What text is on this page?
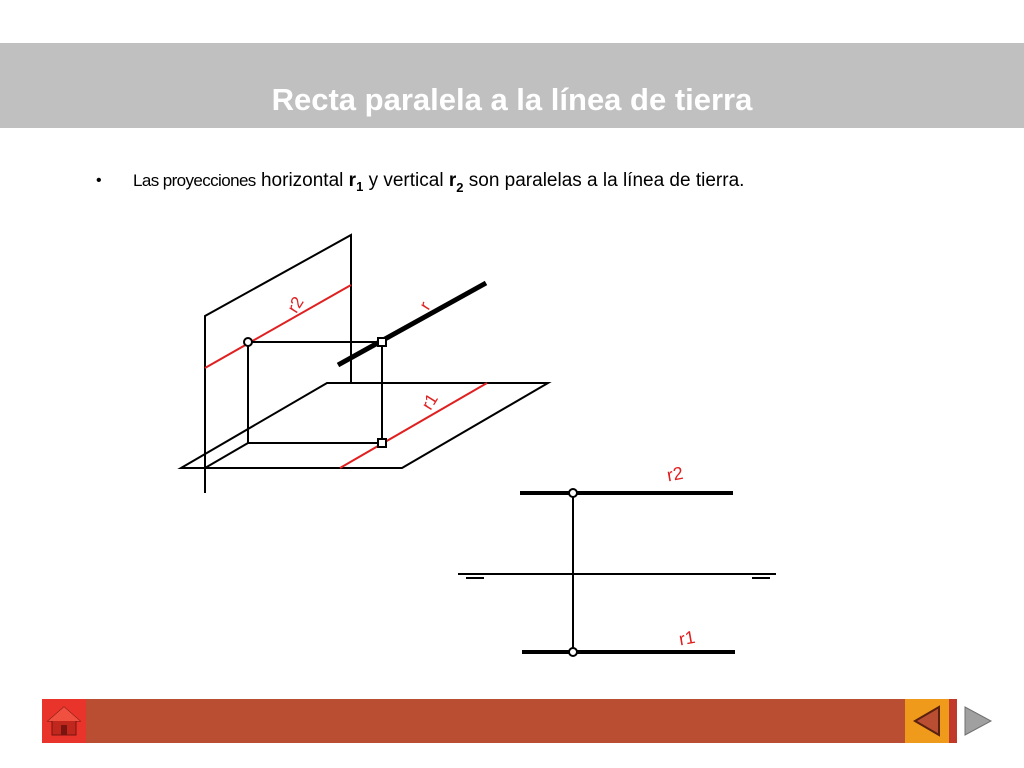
Recta paralela a la línea de tierra
• Las proyecciones horizontal $r_1$ y vertical $r_2$ son paralelas a la línea de tierra.
r2	r
r1
r2
r1
